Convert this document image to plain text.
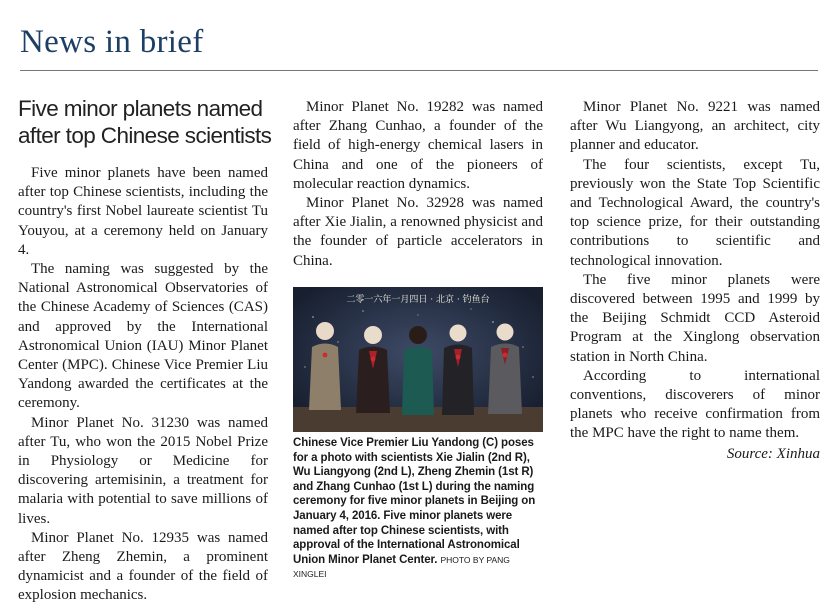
News in brief
Five minor planets named after top Chinese scientists

Five minor planets have been named after top Chinese scientists, including the country's first Nobel laureate scientist Tu Youyou, at a ceremony held on January 4.

The naming was suggested by the National Astronomical Observatories of the Chinese Academy of Sciences (CAS) and approved by the International Astronomical Union (IAU) Minor Planet Center (MPC). Chinese Vice Premier Liu Yandong awarded the certificates at the ceremony.

Minor Planet No. 31230 was named after Tu, who won the 2015 Nobel Prize in Physiology or Medicine for discovering artemisinin, a treatment for malaria with potential to save millions of lives.

Minor Planet No. 12935 was named after Zheng Zhemin, a prominent dynamicist and a founder of the field of explosion mechanics.

Minor Planet No. 19282 was named after Zhang Cunhao, a founder of the field of high-energy chemical lasers in China and one of the pioneers of molecular reaction dynamics.

Minor Planet No. 32928 was named after Xie Jialin, a renowned physicist and the founder of particle accelerators in China.

二零一六年一月四日 · 北京 · 钓鱼台

Chinese Vice Premier Liu Yandong (C) poses for a photo with scientists Xie Jialin (2nd R), Wu Liangyong (2nd L), Zheng Zhemin (1st R) and Zhang Cunhao (1st L) during the naming ceremony for five minor planets in Beijing on January 4, 2016. Five minor planets were named after top Chinese scientists, with approval of the International Astronomical Union Minor Planet Center. PHOTO BY PANG XINGLEI

Minor Planet No. 9221 was named after Wu Liangyong, an architect, city planner and educator.

The four scientists, except Tu, previously won the State Top Scientific and Technological Award, the country's top science prize, for their outstanding contributions to scientific and technological innovation.

The five minor planets were discovered between 1995 and 1999 by the Beijing Schmidt CCD Asteroid Program at the Xinglong observation station in North China.

According to international conventions, discoverers of minor planets who receive confirmation from the MPC have the right to name them.

Source: Xinhua
